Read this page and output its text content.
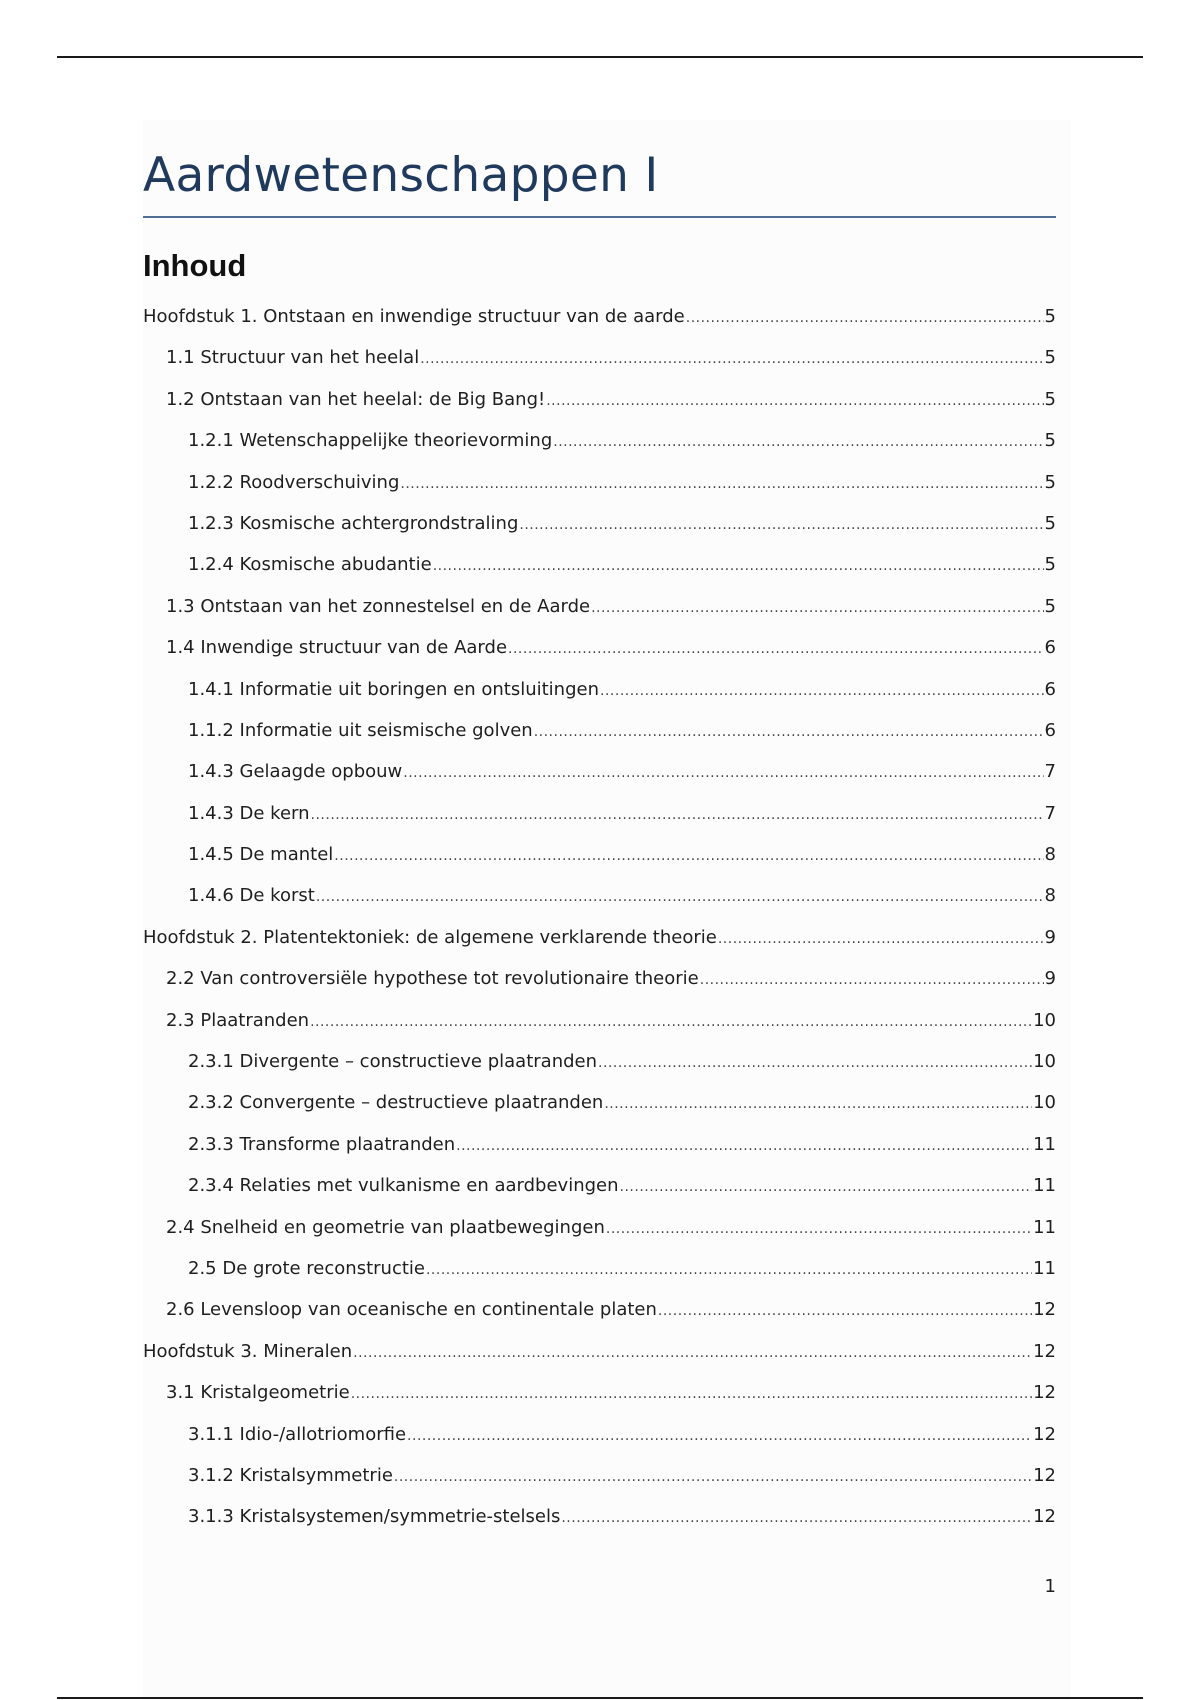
Aardwetenschappen I
Inhoud
Hoofdstuk 1. Ontstaan en inwendige structuur van de aarde .....	5
1.1 Structuur van het heelal .....	5
1.2 Ontstaan van het heelal: de Big Bang! .....	5
1.2.1 Wetenschappelijke theorievorming .....	5
1.2.2 Roodverschuiving .....	5
1.2.3 Kosmische achtergrondstraling .....	5
1.2.4 Kosmische abudantie .....	5
1.3 Ontstaan van het zonnestelsel en de Aarde .....	5
1.4 Inwendige structuur van de Aarde .....	6
1.4.1 Informatie uit boringen en ontsluitingen .....	6
1.1.2 Informatie uit seismische golven .....	6
1.4.3 Gelaagde opbouw .....	7
1.4.3 De kern .....	7
1.4.5 De mantel .....	8
1.4.6 De korst .....	8
Hoofdstuk 2. Platentektoniek: de algemene verklarende theorie .....	9
2.2 Van controversiële hypothese tot revolutionaire theorie .....	9
2.3 Plaatranden .....	10
2.3.1 Divergente – constructieve plaatranden .....	10
2.3.2 Convergente – destructieve plaatranden .....	10
2.3.3 Transforme plaatranden .....	11
2.3.4 Relaties met vulkanisme en aardbevingen .....	11
2.4 Snelheid en geometrie van plaatbewegingen .....	11
2.5 De grote reconstructie .....	11
2.6 Levensloop van oceanische en continentale platen .....	12
Hoofdstuk 3. Mineralen .....	12
3.1 Kristalgeometrie .....	12
3.1.1 Idio-/allotriomorfie .....	12
3.1.2 Kristalsymmetrie .....	12
3.1.3 Kristalsystemen/symmetrie-stelsels .....	12
1
